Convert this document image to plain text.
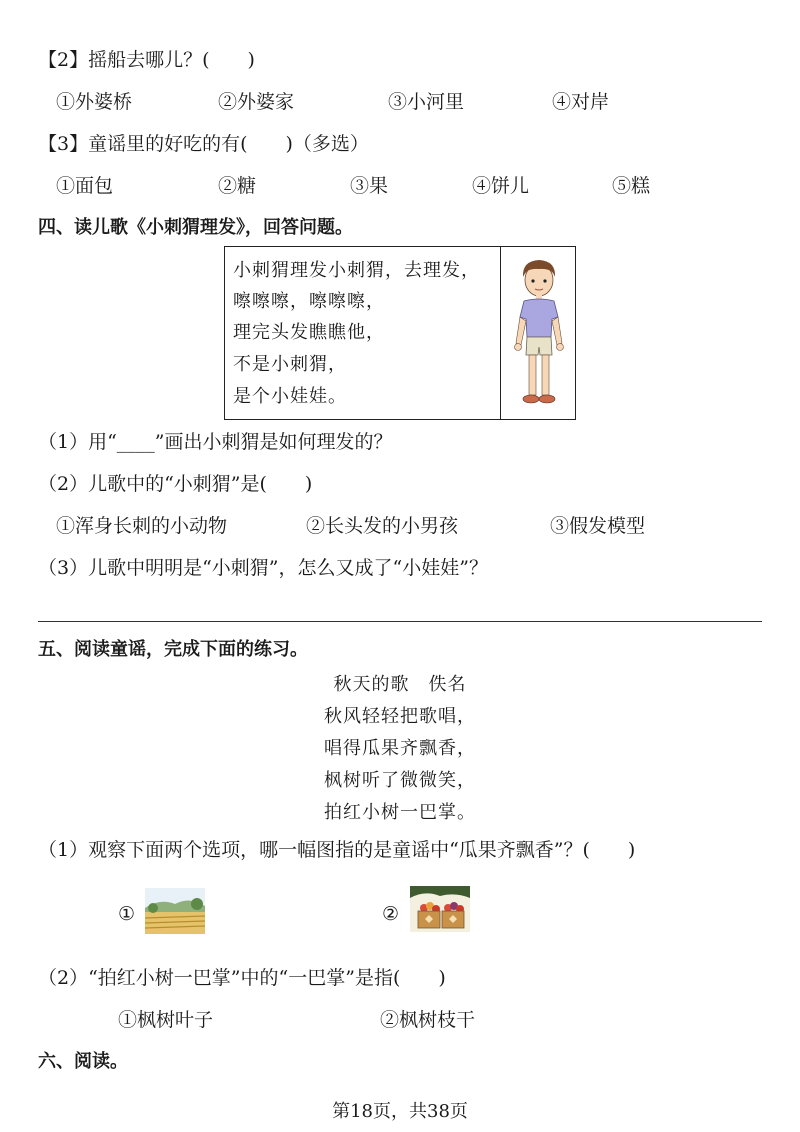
【2】摇船去哪儿？(　　)
①外婆桥	②外婆家	③小河里	④对岸
【3】童谣里的好吃的有(　　)（多选）
①面包	②糖	③果	④饼儿	⑤糕
四、读儿歌《小刺猬理发》，回答问题。
小刺猬理发小刺猬，去理发，
嚓嚓嚓，嚓嚓嚓，
理完头发瞧瞧他，
不是小刺猬，
是个小娃娃。
（1）用“____”画出小刺猬是如何理发的？
（2）儿歌中的“小刺猬”是(　　)
①浑身长刺的小动物	②长头发的小男孩	③假发模型
（3）儿歌中明明是“小刺猬”，怎么又成了“小娃娃”？
五、阅读童谣，完成下面的练习。
秋天的歌　佚名
秋风轻轻把歌唱，
唱得瓜果齐飘香，
枫树听了微微笑，
拍红小树一巴掌。
（1）观察下面两个选项，哪一幅图指的是童谣中“瓜果齐飘香”？(　　)
①	②
（2）“拍红小树一巴掌”中的“一巴掌”是指(　　)
①枫树叶子	②枫树枝干
六、阅读。
第18页，共38页
